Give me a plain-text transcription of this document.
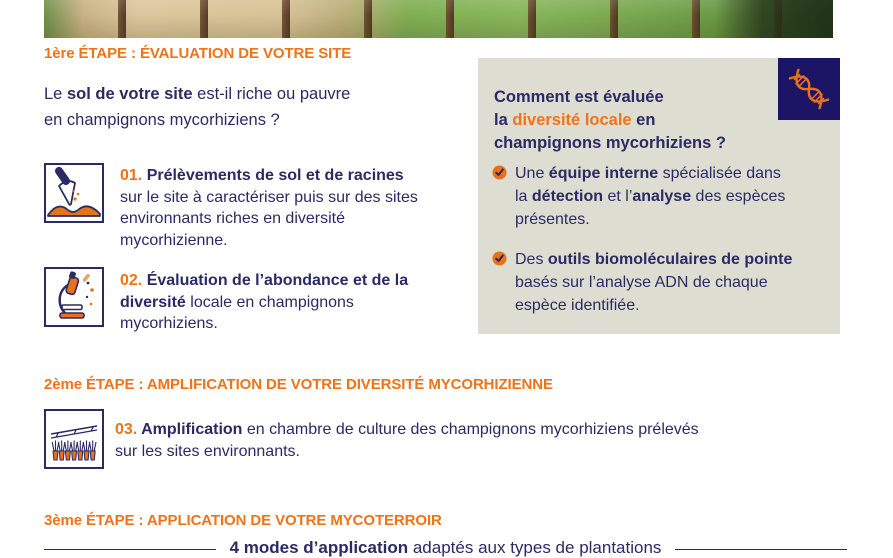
1ère ÉTAPE : ÉVALUATION DE VOTRE SITE
Le sol de votre site est-il riche ou pauvre
en champignons mycorhiziens ?
01. Prélèvements de sol et de racines
sur le site à caractériser puis sur des sites
environnants riches en diversité
mycorhizienne.
02. Évaluation de l’abondance et de la
diversité locale en champignons
mycorhiziens.
Comment est évaluée
la diversité locale en
champignons mycorhiziens ?
Une équipe interne spécialisée dans
la détection et l’analyse des espèces
présentes.
Des outils biomoléculaires de pointe
basés sur l’analyse ADN de chaque
espèce identifiée.
2ème ÉTAPE : AMPLIFICATION DE VOTRE DIVERSITÉ MYCORHIZIENNE
03. Amplification en chambre de culture des champignons mycorhiziens prélevés
sur les sites environnants.
3ème ÉTAPE : APPLICATION DE VOTRE MYCOTERROIR
4 modes d’application adaptés aux types de plantations
